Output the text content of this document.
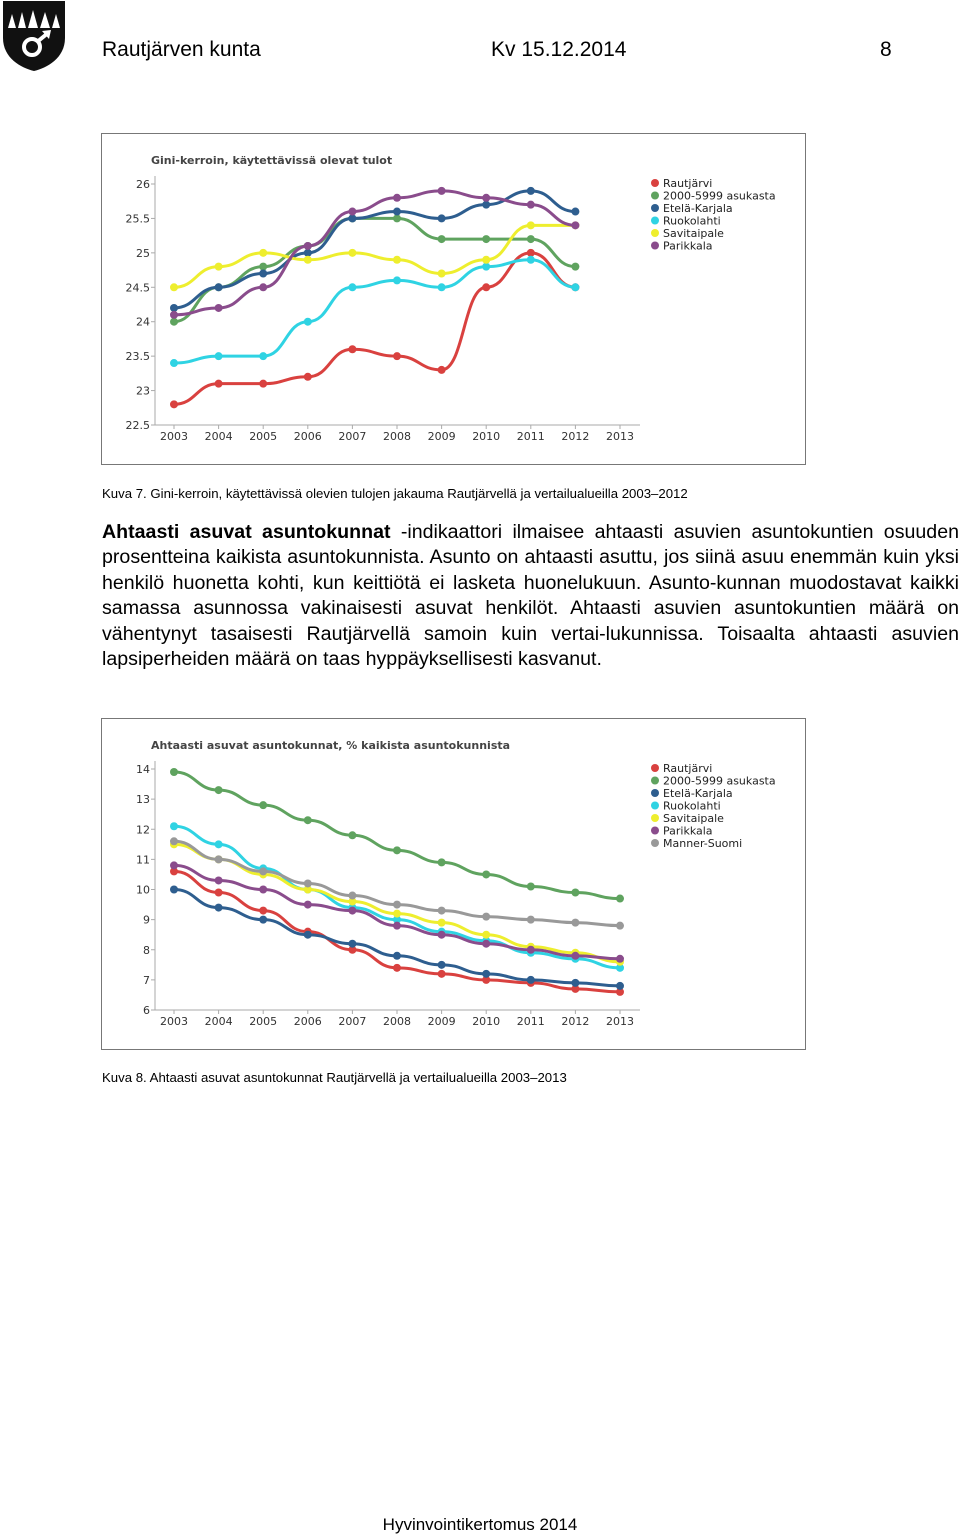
Rautjärven kunta	Kv 15.12.2014	8
Gini-kerroin, käytettävissä olevat tulot
22.5
23
23.5
24
24.5
25
25.5
26
2003 2004 2005 2006 2007 2008 2009 2010 2011 2012 2013
Rautjärvi
2000-5999 asukasta
Etelä-Karjala
Ruokolahti
Savitaipale
Parikkala
Kuva 7. Gini-kerroin, käytettävissä olevien tulojen jakauma Rautjärvellä ja vertailualueilla 2003–2012
Ahtaasti asuvat asuntokunnat -indikaattori ilmaisee ahtaasti asuvien asuntokuntien osuuden prosentteina kaikista asuntokunnista. Asunto on ahtaasti asuttu, jos siinä asuu enemmän kuin yksi henkilö huonetta kohti, kun keittiötä ei lasketa huonelukuun. Asunto-kunnan muodostavat kaikki samassa asunnossa vakinaisesti asuvat henkilöt. Ahtaasti asuvien asuntokuntien määrä on vähentynyt tasaisesti Rautjärvellä samoin kuin vertai-lukunnissa. Toisaalta ahtaasti asuvien lapsiperheiden määrä on taas hyppäyksellisesti kasvanut.
Ahtaasti asuvat asuntokunnat, % kaikista asuntokunnista
6
7
8
9
10
11
12
13
14
2003 2004 2005 2006 2007 2008 2009 2010 2011 2012 2013
Rautjärvi
2000-5999 asukasta
Etelä-Karjala
Ruokolahti
Savitaipale
Parikkala
Manner-Suomi
Kuva 8. Ahtaasti asuvat asuntokunnat Rautjärvellä ja vertailualueilla 2003–2013
Hyvinvointikertomus 2014
